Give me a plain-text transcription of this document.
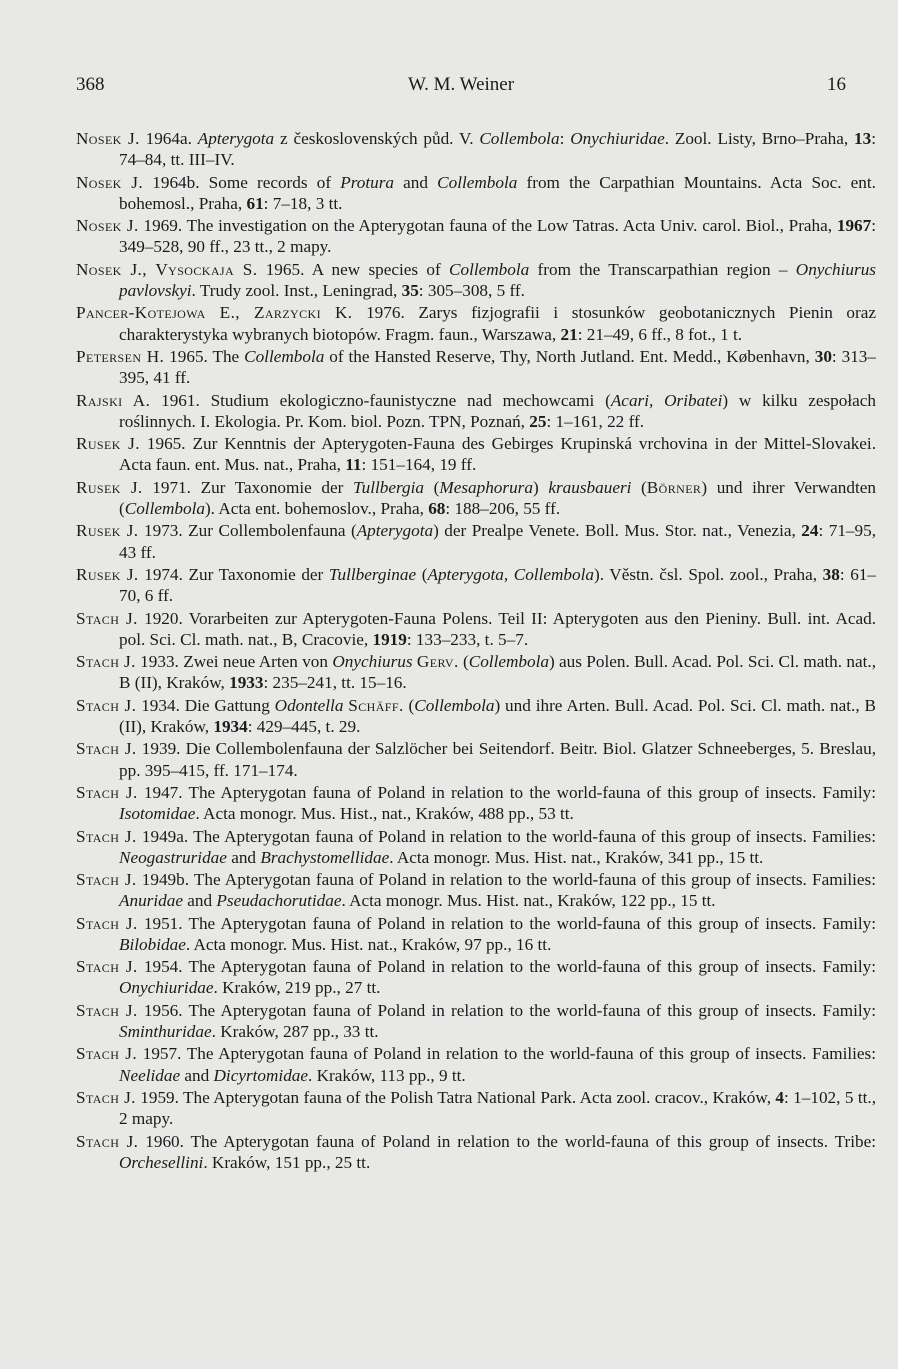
368	W. M. Weiner	16

Nosek J. 1964a. Apterygota z československých půd. V. Collembola: Onychiuridae. Zool. Listy, Brno–Praha, 13: 74–84, tt. III–IV.

Nosek J. 1964b. Some records of Protura and Collembola from the Carpathian Mountains. Acta Soc. ent. bohemosl., Praha, 61: 7–18, 3 tt.

Nosek J. 1969. The investigation on the Apterygotan fauna of the Low Tatras. Acta Univ. carol. Biol., Praha, 1967: 349–528, 90 ff., 23 tt., 2 mapy.

Nosek J., Vysockaja S. 1965. A new species of Collembola from the Transcarpathian region – Onychiurus pavlovskyi. Trudy zool. Inst., Leningrad, 35: 305–308, 5 ff.

Pancer-Kotejowa E., Zarzycki K. 1976. Zarys fizjografii i stosunków geobotanicznych Pienin oraz charakterystyka wybranych biotopów. Fragm. faun., Warszawa, 21: 21–49, 6 ff., 8 fot., 1 t.

Petersen H. 1965. The Collembola of the Hansted Reserve, Thy, North Jutland. Ent. Medd., København, 30: 313–395, 41 ff.

Rajski A. 1961. Studium ekologiczno-faunistyczne nad mechowcami (Acari, Oribatei) w kilku zespołach roślinnych. I. Ekologia. Pr. Kom. biol. Pozn. TPN, Poznań, 25: 1–161, 22 ff.

Rusek J. 1965. Zur Kenntnis der Apterygoten-Fauna des Gebirges Krupinská vrchovina in der Mittel-Slovakei. Acta faun. ent. Mus. nat., Praha, 11: 151–164, 19 ff.

Rusek J. 1971. Zur Taxonomie der Tullbergia (Mesaphorura) krausbaueri (Börner) und ihrer Verwandten (Collembola). Acta ent. bohemoslov., Praha, 68: 188–206, 55 ff.

Rusek J. 1973. Zur Collembolenfauna (Apterygota) der Prealpe Venete. Boll. Mus. Stor. nat., Venezia, 24: 71–95, 43 ff.

Rusek J. 1974. Zur Taxonomie der Tullberginae (Apterygota, Collembola). Věstn. čsl. Spol. zool., Praha, 38: 61–70, 6 ff.

Stach J. 1920. Vorarbeiten zur Apterygoten-Fauna Polens. Teil II: Apterygoten aus den Pieniny. Bull. int. Acad. pol. Sci. Cl. math. nat., B, Cracovie, 1919: 133–233, t. 5–7.

Stach J. 1933. Zwei neue Arten von Onychiurus Gerv. (Collembola) aus Polen. Bull. Acad. Pol. Sci. Cl. math. nat., B (II), Kraków, 1933: 235–241, tt. 15–16.

Stach J. 1934. Die Gattung Odontella Schäff. (Collembola) und ihre Arten. Bull. Acad. Pol. Sci. Cl. math. nat., B (II), Kraków, 1934: 429–445, t. 29.

Stach J. 1939. Die Collembolenfauna der Salzlöcher bei Seitendorf. Beitr. Biol. Glatzer Schneeberges, 5. Breslau, pp. 395–415, ff. 171–174.

Stach J. 1947. The Apterygotan fauna of Poland in relation to the world-fauna of this group of insects. Family: Isotomidae. Acta monogr. Mus. Hist., nat., Kraków, 488 pp., 53 tt.

Stach J. 1949a. The Apterygotan fauna of Poland in relation to the world-fauna of this group of insects. Families: Neogastruridae and Brachystomellidae. Acta monogr. Mus. Hist. nat., Kraków, 341 pp., 15 tt.

Stach J. 1949b. The Apterygotan fauna of Poland in relation to the world-fauna of this group of insects. Families: Anuridae and Pseudachorutidae. Acta monogr. Mus. Hist. nat., Kraków, 122 pp., 15 tt.

Stach J. 1951. The Apterygotan fauna of Poland in relation to the world-fauna of this group of insects. Family: Bilobidae. Acta monogr. Mus. Hist. nat., Kraków, 97 pp., 16 tt.

Stach J. 1954. The Apterygotan fauna of Poland in relation to the world-fauna of this group of insects. Family: Onychiuridae. Kraków, 219 pp., 27 tt.

Stach J. 1956. The Apterygotan fauna of Poland in relation to the world-fauna of this group of insects. Family: Sminthuridae. Kraków, 287 pp., 33 tt.

Stach J. 1957. The Apterygotan fauna of Poland in relation to the world-fauna of this group of insects. Families: Neelidae and Dicyrtomidae. Kraków, 113 pp., 9 tt.

Stach J. 1959. The Apterygotan fauna of the Polish Tatra National Park. Acta zool. cracov., Kraków, 4: 1–102, 5 tt., 2 mapy.

Stach J. 1960. The Apterygotan fauna of Poland in relation to the world-fauna of this group of insects. Tribe: Orchesellini. Kraków, 151 pp., 25 tt.
